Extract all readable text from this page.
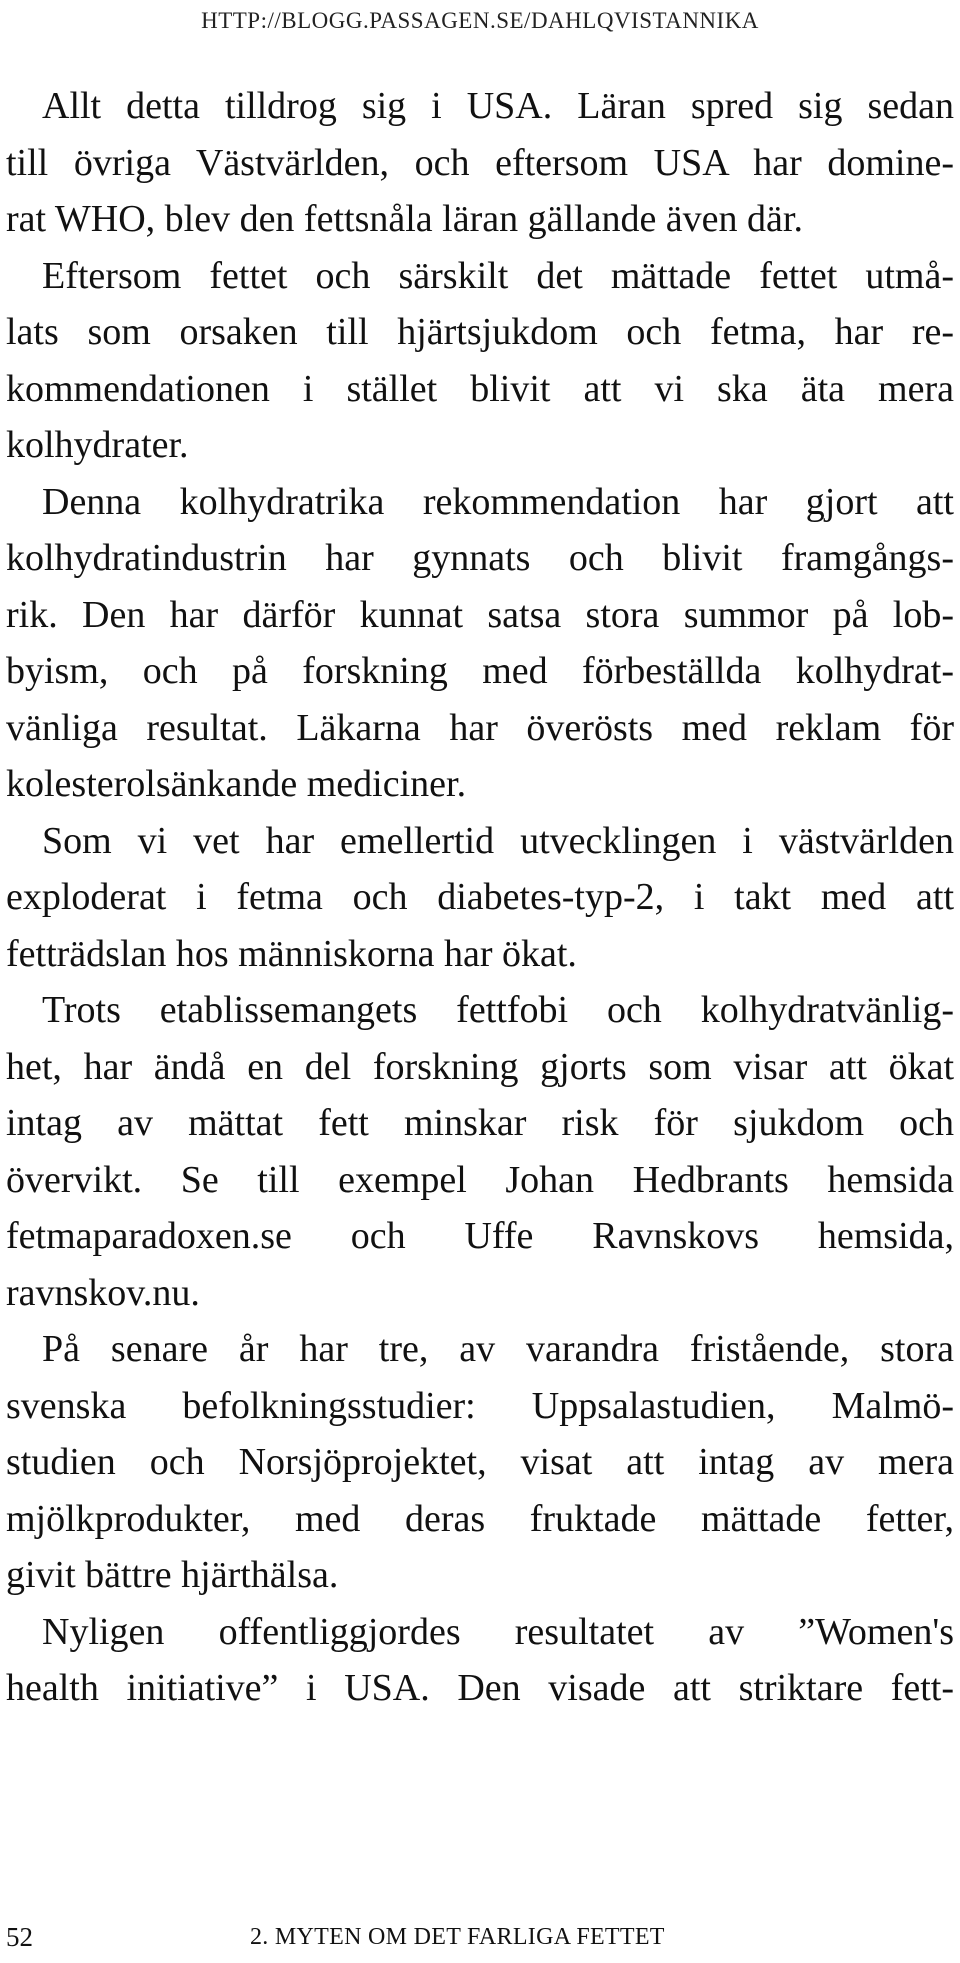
HTTP://BLOGG.PASSAGEN.SE/DAHLQVISTANNIKA
Allt detta tilldrog sig i USA. Läran spred sig sedan
till övriga Västvärlden, och eftersom USA har domine-
rat WHO, blev den fettsnåla läran gällande även där.
Eftersom fettet och särskilt det mättade fettet utmå-
lats som orsaken till hjärtsjukdom och fetma, har re-
kommendationen i stället blivit att vi ska äta mera
kolhydrater.
Denna kolhydratrika rekommendation har gjort att
kolhydratindustrin har gynnats och blivit framgångs-
rik. Den har därför kunnat satsa stora summor på lob-
byism, och på forskning med förbeställda kolhydrat-
vänliga resultat. Läkarna har överösts med reklam för
kolesterolsänkande mediciner.
Som vi vet har emellertid utvecklingen i västvärlden
exploderat i fetma och diabetes-typ-2, i takt med att
fetträdslan hos människorna har ökat.
Trots etablissemangets fettfobi och kolhydratvänlig-
het, har ändå en del forskning gjorts som visar att ökat
intag av mättat fett minskar risk för sjukdom och
övervikt. Se till exempel Johan Hedbrants hemsida
fetmaparadoxen.se och Uffe Ravnskovs hemsida,
ravnskov.nu.
På senare år har tre, av varandra fristående, stora
svenska befolkningsstudier: Uppsalastudien, Malmö-
studien och Norsjöprojektet, visat att intag av mera
mjölkprodukter, med deras fruktade mättade fetter,
givit bättre hjärthälsa.
Nyligen offentliggjordes resultatet av ”Women's
health initiative” i USA. Den visade att striktare fett-
52	2. MYTEN OM DET FARLIGA FETTET
